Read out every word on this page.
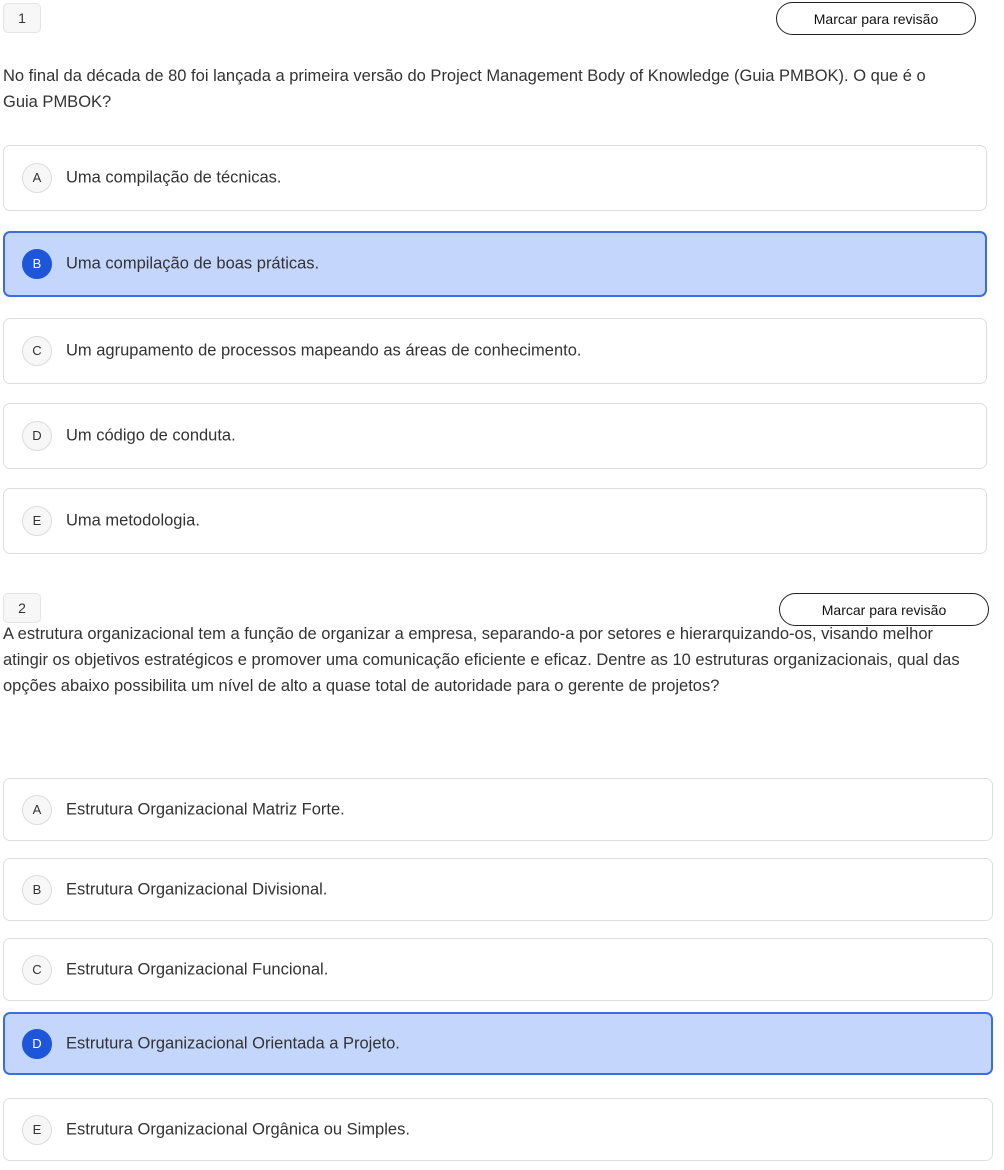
1	Marcar para revisão

No final da década de 80 foi lançada a primeira versão do Project Management Body of Knowledge (Guia PMBOK). O que é o Guia PMBOK?

A	Uma compilação de técnicas.
B	Uma compilação de boas práticas.
C	Um agrupamento de processos mapeando as áreas de conhecimento.
D	Um código de conduta.
E	Uma metodologia.
2	Marcar para revisão

A estrutura organizacional tem a função de organizar a empresa, separando-a por setores e hierarquizando-os, visando melhor atingir os objetivos estratégicos e promover uma comunicação eficiente e eficaz. Dentre as 10 estruturas organizacionais, qual das opções abaixo possibilita um nível de alto a quase total de autoridade para o gerente de projetos?

A	Estrutura Organizacional Matriz Forte.
B	Estrutura Organizacional Divisional.
C	Estrutura Organizacional Funcional.
D	Estrutura Organizacional Orientada a Projeto.
E	Estrutura Organizacional Orgânica ou Simples.
